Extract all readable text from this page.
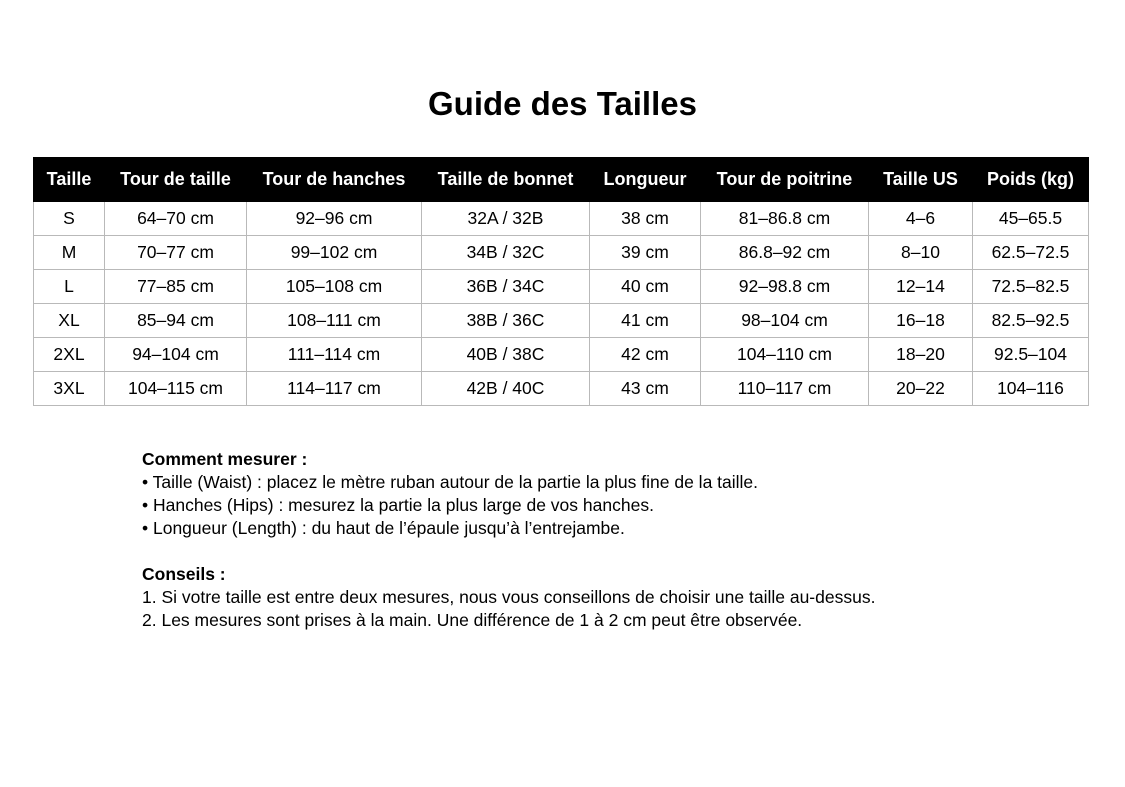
Guide des Tailles
Taille	Tour de taille	Tour de hanches	Taille de bonnet	Longueur	Tour de poitrine	Taille US	Poids (kg)
S	64–70 cm	92–96 cm	32A / 32B	38 cm	81–86.8 cm	4–6	45–65.5
M	70–77 cm	99–102 cm	34B / 32C	39 cm	86.8–92 cm	8–10	62.5–72.5
L	77–85 cm	105–108 cm	36B / 34C	40 cm	92–98.8 cm	12–14	72.5–82.5
XL	85–94 cm	108–111 cm	38B / 36C	41 cm	98–104 cm	16–18	82.5–92.5
2XL	94–104 cm	111–114 cm	40B / 38C	42 cm	104–110 cm	18–20	92.5–104
3XL	104–115 cm	114–117 cm	42B / 40C	43 cm	110–117 cm	20–22	104–116
Comment mesurer :
• Taille (Waist) : placez le mètre ruban autour de la partie la plus fine de la taille.
• Hanches (Hips) : mesurez la partie la plus large de vos hanches.
• Longueur (Length) : du haut de l’épaule jusqu’à l’entrejambe.
Conseils :
1. Si votre taille est entre deux mesures, nous vous conseillons de choisir une taille au-dessus.
2. Les mesures sont prises à la main. Une différence de 1 à 2 cm peut être observée.
